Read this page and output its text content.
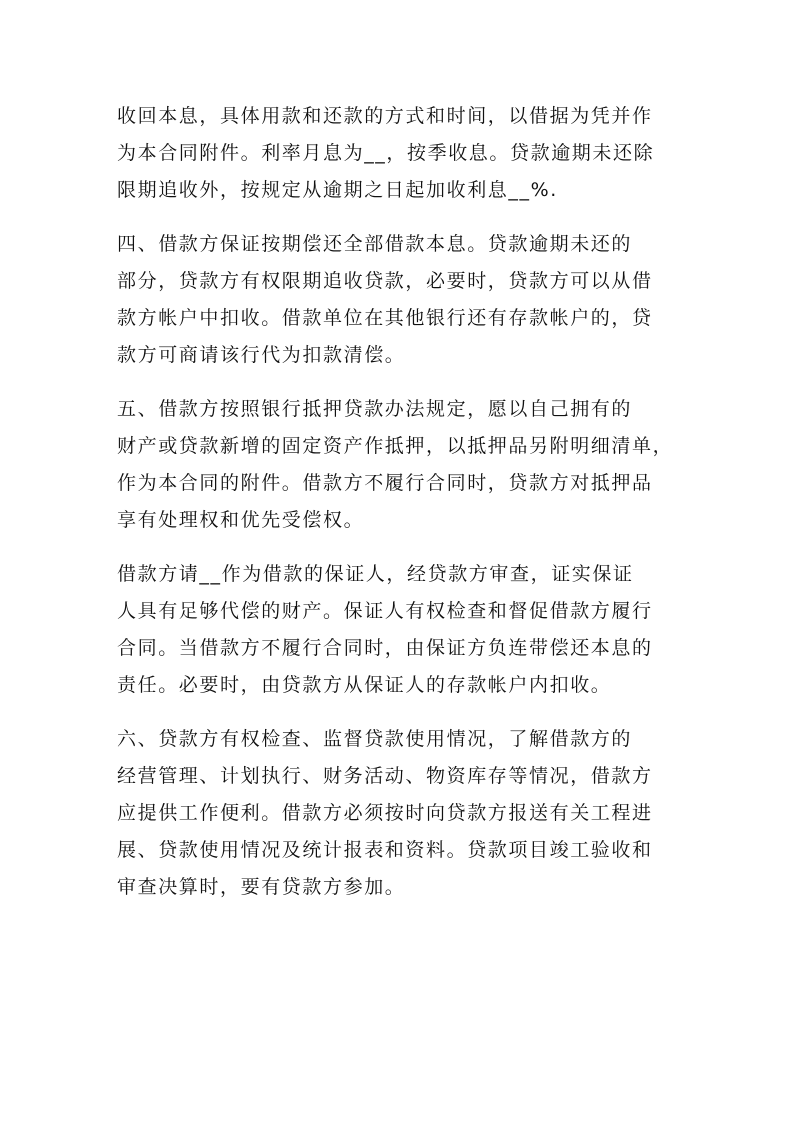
收回本息，具体用款和还款的方式和时间，以借据为凭并作
为本合同附件。利率月息为__，按季收息。贷款逾期未还除
限期追收外，按规定从逾期之日起加收利息__%.

四、借款方保证按期偿还全部借款本息。贷款逾期未还的
部分，贷款方有权限期追收贷款，必要时，贷款方可以从借
款方帐户中扣收。借款单位在其他银行还有存款帐户的，贷
款方可商请该行代为扣款清偿。

五、借款方按照银行抵押贷款办法规定，愿以自己拥有的
财产或贷款新增的固定资产作抵押，以抵押品另附明细清单，
作为本合同的附件。借款方不履行合同时，贷款方对抵押品
享有处理权和优先受偿权。

借款方请__作为借款的保证人，经贷款方审查，证实保证
人具有足够代偿的财产。保证人有权检查和督促借款方履行
合同。当借款方不履行合同时，由保证方负连带偿还本息的
责任。必要时，由贷款方从保证人的存款帐户内扣收。

六、贷款方有权检查、监督贷款使用情况，了解借款方的
经营管理、计划执行、财务活动、物资库存等情况，借款方
应提供工作便利。借款方必须按时向贷款方报送有关工程进
展、贷款使用情况及统计报表和资料。贷款项目竣工验收和
审查决算时，要有贷款方参加。
